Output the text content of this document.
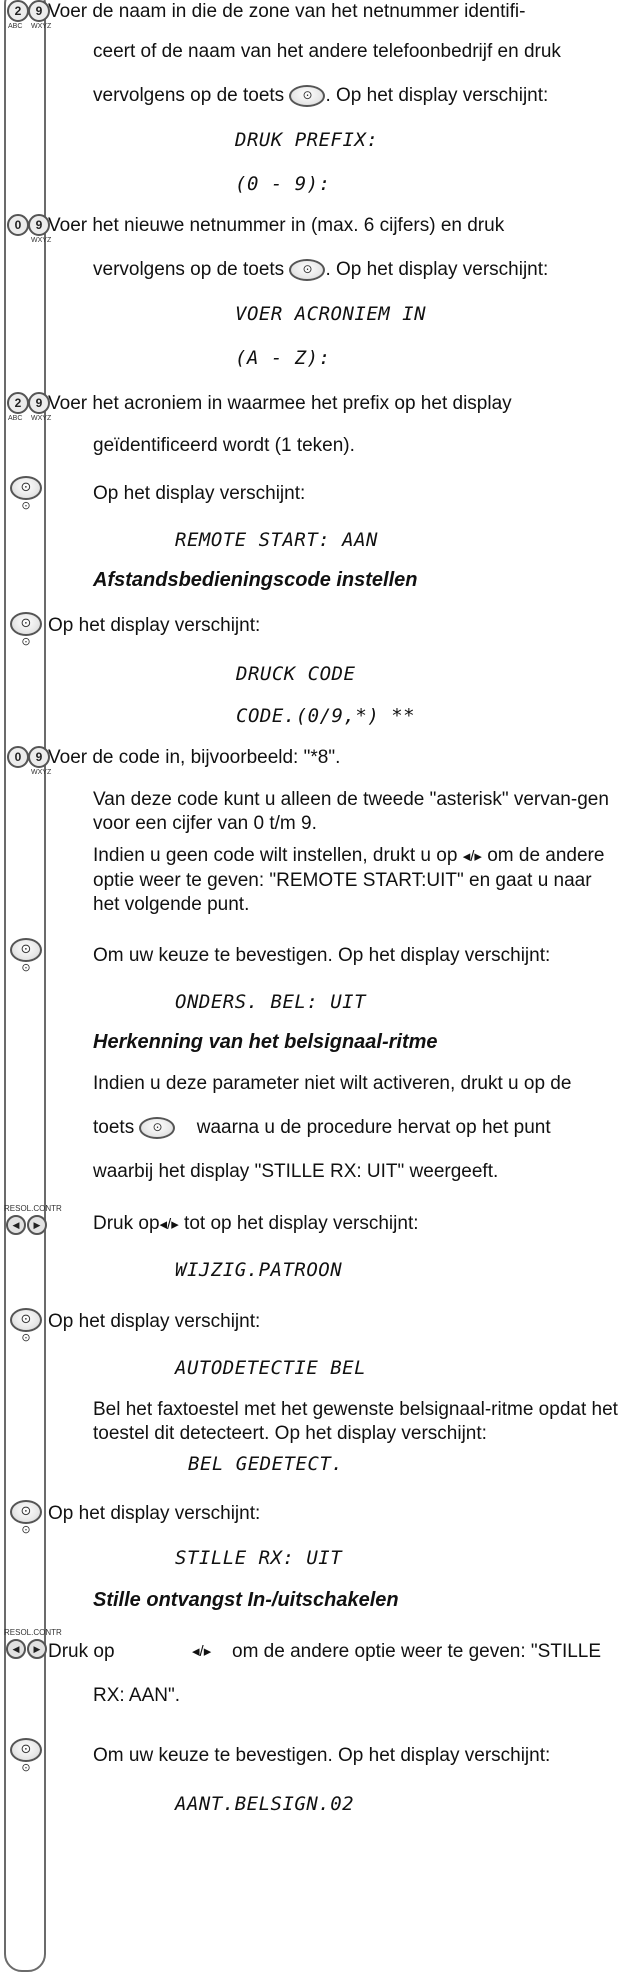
2	9
ABC WXYZ
Voer de naam in die de zone van het netnummer identifi-
ceert of de naam van het andere telefoonbedrijf en druk
vervolgens op de toets	⊙ . Op het display verschijnt:
DRUK PREFIX:
(0 - 9):
0	9
WXYZ
Voer het nieuwe netnummer in (max. 6 cijfers) en druk
vervolgens op de toets	⊙ . Op het display verschijnt:
VOER ACRONIEM IN
(A - Z):
2	9
ABC WXYZ
Voer het acroniem in waarmee het prefix op het display
geïdentificeerd wordt (1 teken).
⊙
⊙
Op het display verschijnt:
REMOTE START: AAN
Afstandsbedieningscode instellen
⊙
⊙
Op het display verschijnt:
DRUCK CODE
CODE.(0/9,*) **
0	9
WXYZ
Voer de code in, bijvoorbeeld: "*8".
Van deze code kunt u alleen de tweede "asterisk" vervan-gen voor een cijfer van 0 t/m 9.
Indien u geen code wilt instellen, drukt u op ◂/▸ om de andere optie weer te geven: "REMOTE START:UIT" en gaat u naar het volgende punt.
⊙
⊙
Om uw keuze te bevestigen. Op het display verschijnt:
ONDERS. BEL: UIT
Herkenning van het belsignaal-ritme
Indien u deze parameter niet wilt activeren, drukt u op de
toets	⊙	waarna u de procedure hervat op het punt
waarbij het display "STILLE RX: UIT" weergeeft.
RESOL.CONTR
◀	▶	Druk op◂/▸ tot op het display verschijnt:
WIJZIG.PATROON
⊙
⊙
Op het display verschijnt:
AUTODETECTIE BEL
Bel het faxtoestel met het gewenste belsignaal-ritme opdat het toestel dit detecteert. Op het display verschijnt:
BEL GEDETECT.
⊙
⊙
Op het display verschijnt:
STILLE RX: UIT
Stille ontvangst In-/uitschakelen
RESOL.CONTR
◀	▶ Druk op	◂/▸ om de andere optie weer te geven: "STILLE
RX: AAN".
⊙
⊙
Om uw keuze te bevestigen. Op het display verschijnt:
AANT.BELSIGN.02
